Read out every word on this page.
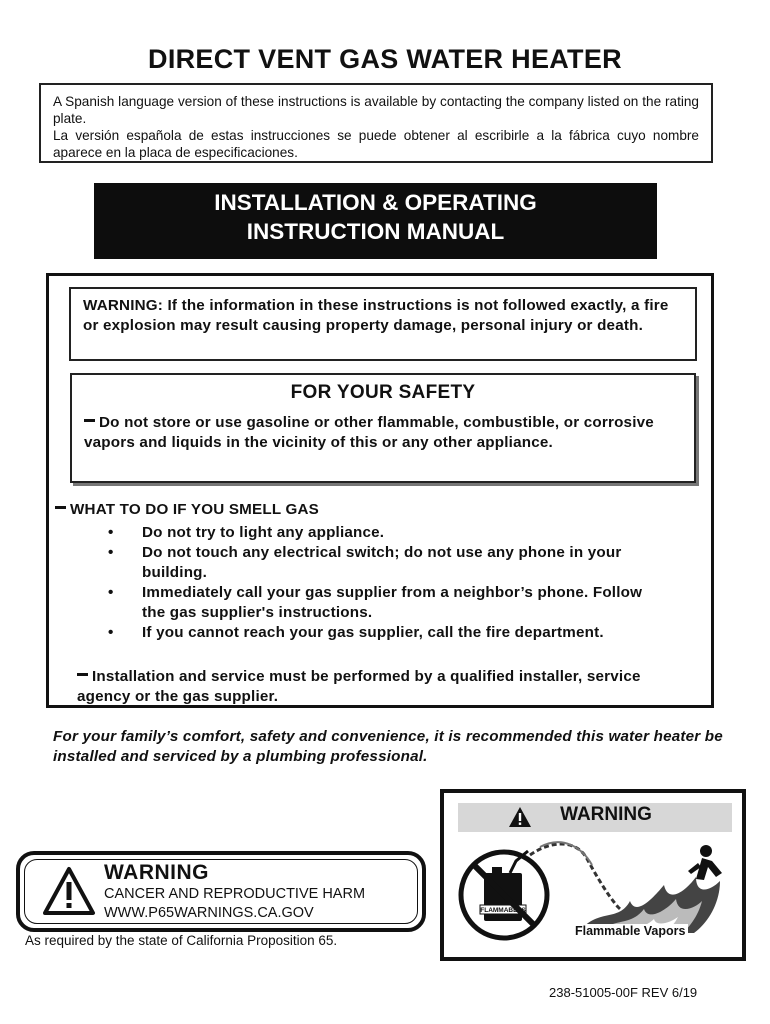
DIRECT VENT GAS WATER HEATER

A Spanish language version of these instructions is available by contacting the company listed on the rating plate.

La versión española de estas instrucciones se puede obtener al escribirle a la fábrica cuyo nombre aparece en la placa de especificaciones.

INSTALLATION & OPERATING
INSTRUCTION MANUAL
WARNING: If the information in these instructions is not followed exactly, a fire or explosion may result causing property damage, personal injury or death.
FOR YOUR SAFETY
Do not store or use gasoline or other flammable, combustible, or corrosive vapors and liquids in the vicinity of this or any other appliance.
WHAT TO DO IF YOU SMELL GAS
• Do not try to light any appliance.
• Do not touch any electrical switch; do not use any phone in your building.
• Immediately call your gas supplier from a neighbor’s phone. Follow the gas supplier's instructions.
• If you cannot reach your gas supplier, call the fire department.
Installation and service must be performed by a qualified installer, service agency or the gas supplier.
For your family’s comfort, safety and convenience, it is recommended this water heater be installed and serviced by a plumbing professional.
WARNING
CANCER AND REPRODUCTIVE HARM
WWW.P65WARNINGS.CA.GOV
As required by the state of California Proposition 65.
WARNING
FLAMMABLES
Flammable Vapors
238-51005-00F REV 6/19
